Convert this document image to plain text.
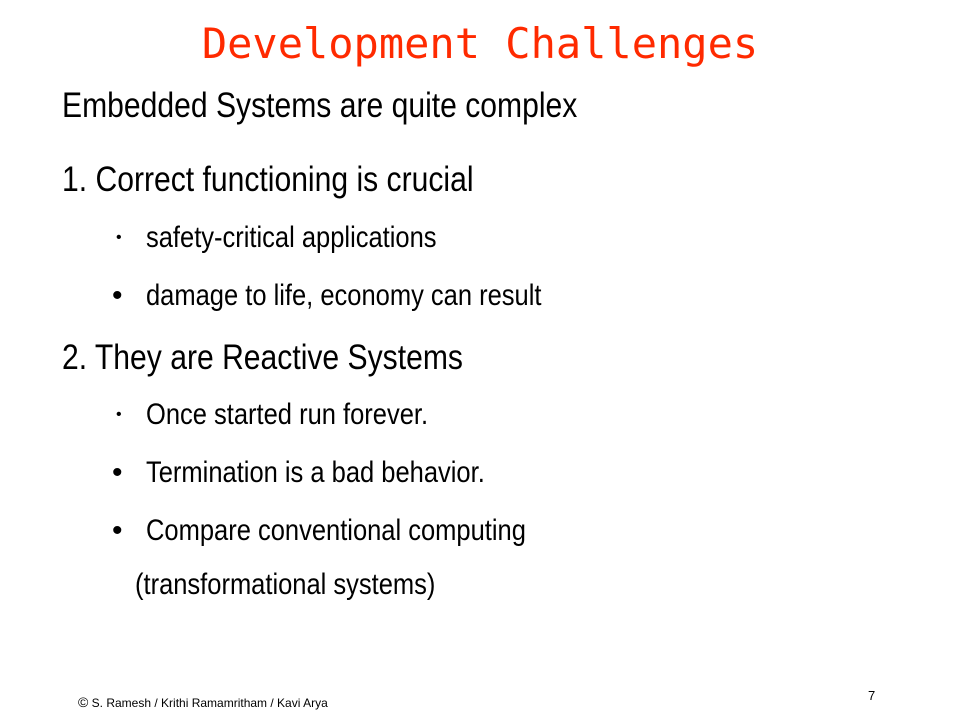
Development Challenges
Embedded Systems are quite complex
1. Correct functioning is crucial
• safety-critical applications
• damage to life, economy can result
2. They are Reactive Systems
• Once started run forever.
• Termination is a bad behavior.
• Compare conventional computing
(transformational systems)
© S. Ramesh / Krithi Ramamritham / Kavi Arya	7
